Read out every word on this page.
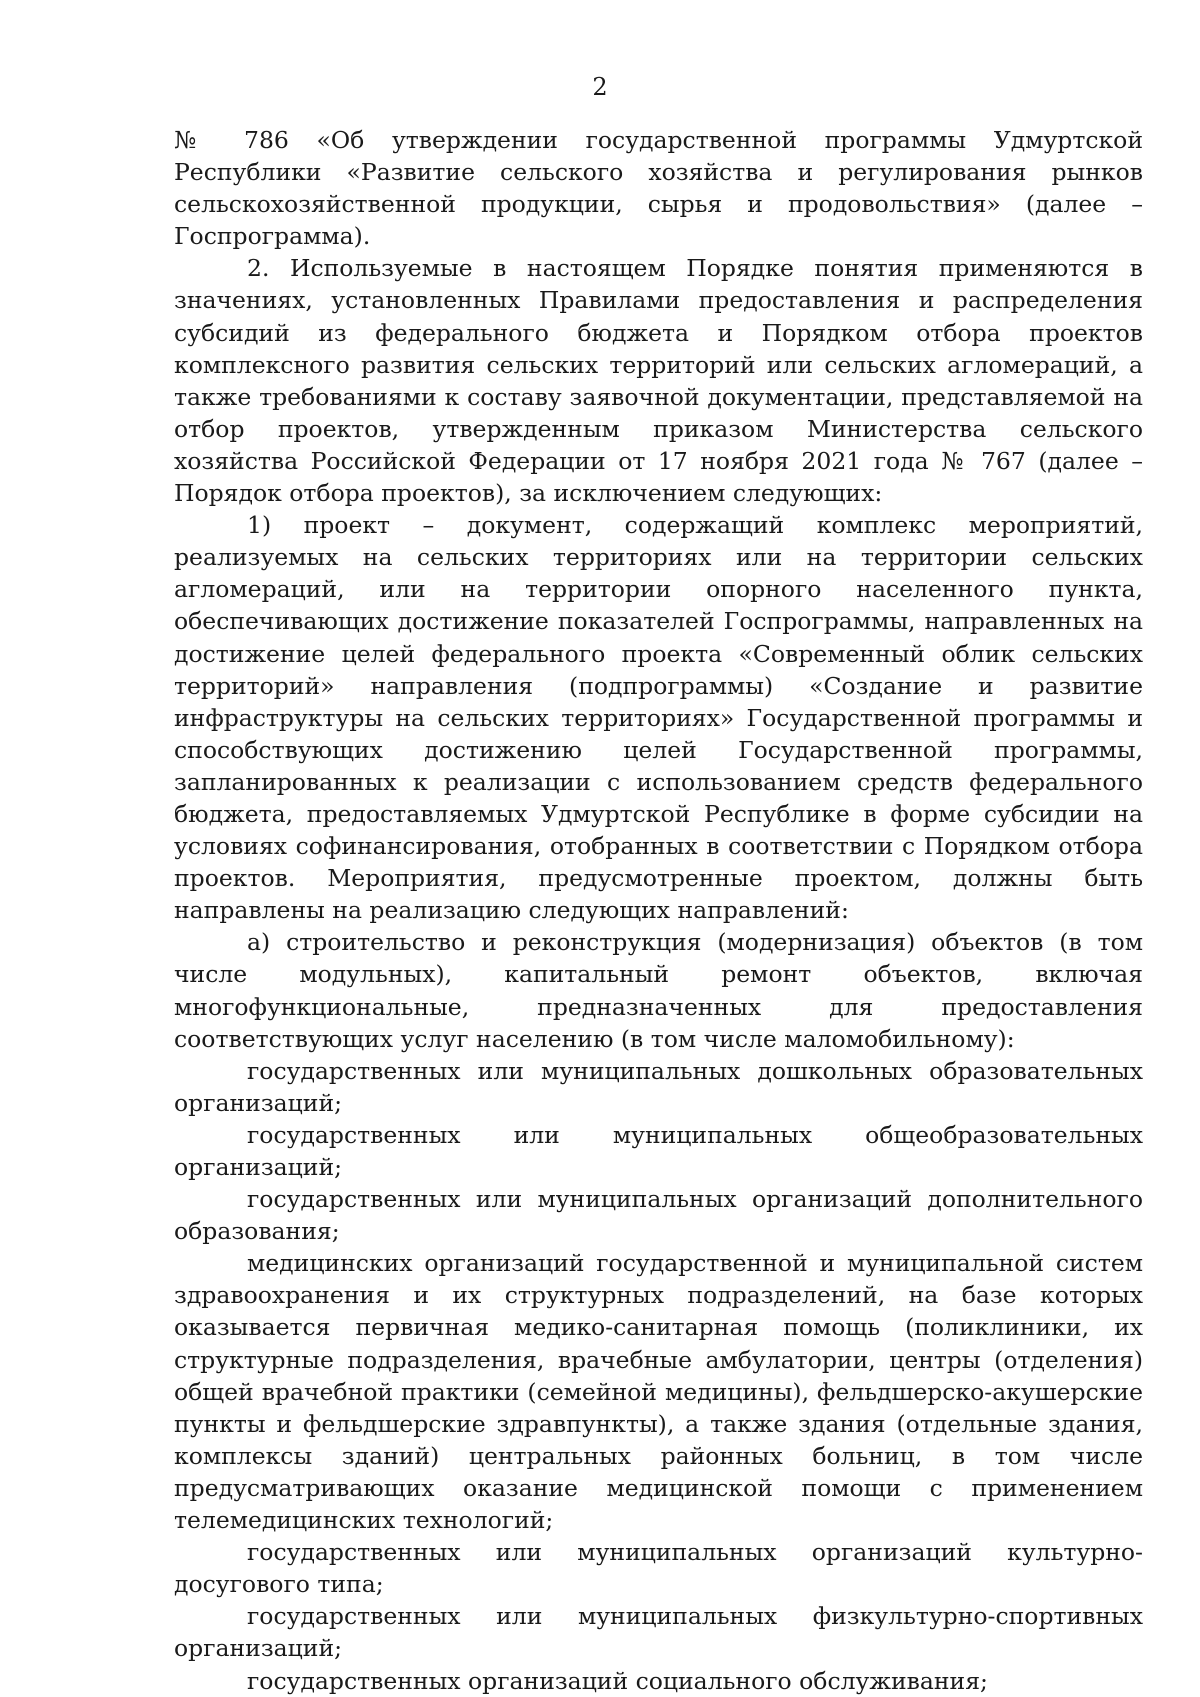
2

№ 786 «Об утверждении государственной программы Удмуртской Республики «Развитие сельского хозяйства и регулирования рынков сельскохозяйственной продукции, сырья и продовольствия» (далее – Госпрограмма).

2. Используемые в настоящем Порядке понятия применяются в значениях, установленных Правилами предоставления и распределения субсидий из федерального бюджета и Порядком отбора проектов комплексного развития сельских территорий или сельских агломераций, а также требованиями к составу заявочной документации, представляемой на отбор проектов, утвержденным приказом Министерства сельского хозяйства Российской Федерации от 17 ноября 2021 года № 767 (далее – Порядок отбора проектов), за исключением следующих:

1) проект – документ, содержащий комплекс мероприятий, реализуемых на сельских территориях или на территории сельских агломераций, или на территории опорного населенного пункта, обеспечивающих достижение показателей Госпрограммы, направленных на достижение целей федерального проекта «Современный облик сельских территорий» направления (подпрограммы) «Создание и развитие инфраструктуры на сельских территориях» Государственной программы и способствующих достижению целей Государственной программы, запланированных к реализации с использованием средств федерального бюджета, предоставляемых Удмуртской Республике в форме субсидии на условиях софинансирования, отобранных в соответствии с Порядком отбора проектов. Мероприятия, предусмотренные проектом, должны быть направлены на реализацию следующих направлений:

а) строительство и реконструкция (модернизация) объектов (в том числе модульных), капитальный ремонт объектов, включая многофункциональные, предназначенных для предоставления соответствующих услуг населению (в том числе маломобильному):

государственных или муниципальных дошкольных образовательных организаций;

государственных или муниципальных общеобразовательных организаций;

государственных или муниципальных организаций дополнительного образования;

медицинских организаций государственной и муниципальной систем здравоохранения и их структурных подразделений, на базе которых оказывается первичная медико-санитарная помощь (поликлиники, их структурные подразделения, врачебные амбулатории, центры (отделения) общей врачебной практики (семейной медицины), фельдшерско-акушерские пункты и фельдшерские здравпункты), а также здания (отдельные здания, комплексы зданий) центральных районных больниц, в том числе предусматривающих оказание медицинской помощи с применением телемедицинских технологий;

государственных или муниципальных организаций культурно-досугового типа;

государственных или муниципальных физкультурно-спортивных организаций;

государственных организаций социального обслуживания;
